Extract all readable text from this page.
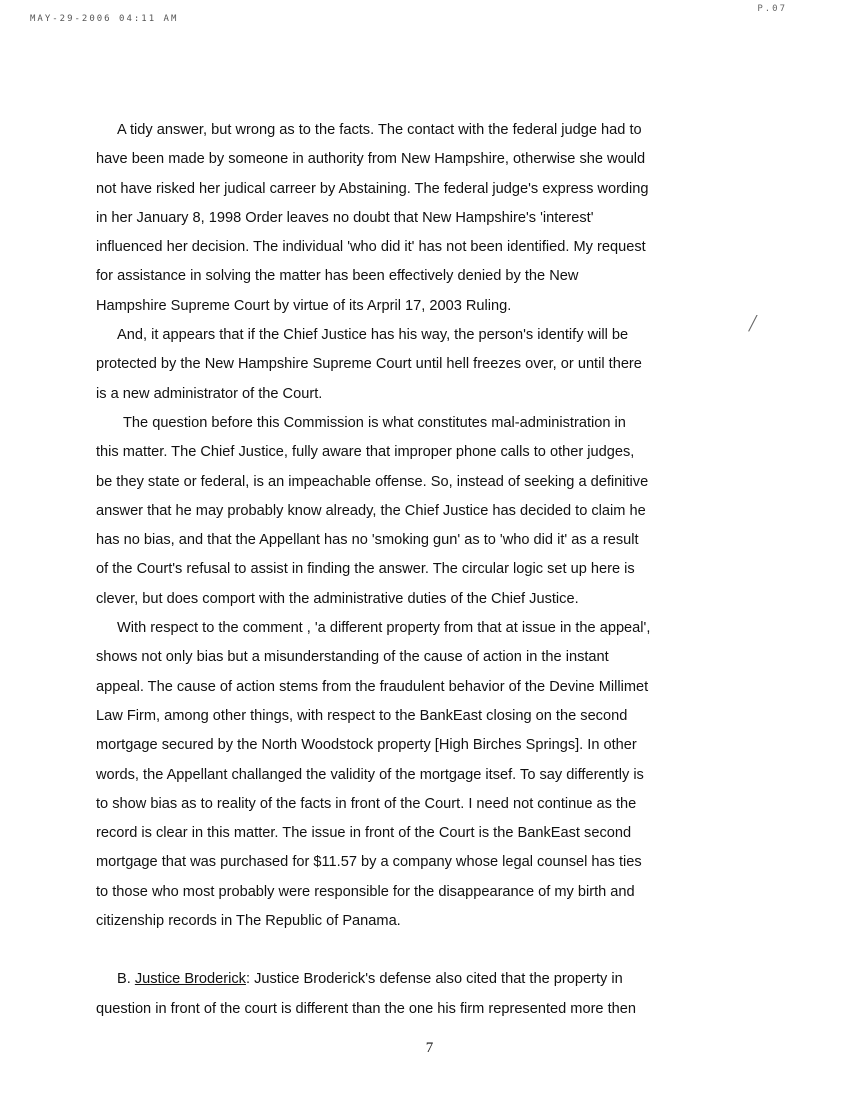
MAY-29-2006 04:11 AM
P.07
╱
A tidy answer, but wrong as to the facts. The contact with the federal judge had to
have been made by someone in authority from New Hampshire, otherwise she would
not have risked her judical carreer by Abstaining. The federal judge's express wording
in her January 8, 1998 Order leaves no doubt that New Hampshire's 'interest'
influenced her decision. The individual 'who did it' has not been identified. My request
for assistance in solving the matter has been effectively denied by the New
Hampshire Supreme Court by virtue of its Arpril 17, 2003 Ruling.
And, it appears that if the Chief Justice has his way, the person's identify will be
protected by the New Hampshire Supreme Court until hell freezes over, or until there
is a new administrator of the Court.
The question before this Commission is what constitutes mal-administration in
this matter. The Chief Justice, fully aware that improper phone calls to other judges,
be they state or federal, is an impeachable offense. So, instead of seeking a definitive
answer that he may probably know already, the Chief Justice has decided to claim he
has no bias, and that the Appellant has no 'smoking gun' as to 'who did it' as a result
of the Court's refusal to assist in finding the answer. The circular logic set up here is
clever, but does comport with the administrative duties of the Chief Justice.
With respect to the comment , 'a different property from that at issue in the appeal',
shows not only bias but a misunderstanding of the cause of action in the instant
appeal. The cause of action stems from the fraudulent behavior of the Devine Millimet
Law Firm, among other things, with respect to the BankEast closing on the second
mortgage secured by the North Woodstock property [High Birches Springs]. In other
words, the Appellant challanged the validity of the mortgage itsef. To say differently is
to show bias as to reality of the facts in front of the Court. I need not continue as the
record is clear in this matter. The issue in front of the Court is the BankEast second
mortgage that was purchased for $11.57 by a company whose legal counsel has ties
to those who most probably were responsible for the disappearance of my birth and
citizenship records in The Republic of Panama.
B. Justice Broderick: Justice Broderick's defense also cited that the property in
question in front of the court is different than the one his firm represented more then
7
